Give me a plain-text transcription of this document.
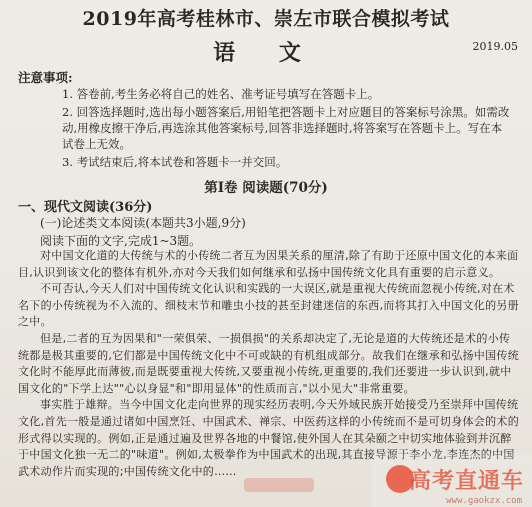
2019年高考桂林市、崇左市联合模拟考试
语 文	2019.05
注意事项:
1. 答卷前,考生务必将自己的姓名、准考证号填写在答题卡上。
2. 回答选择题时,选出每小题答案后,用铅笔把答题卡上对应题目的答案标号涂黑。如需改动,用橡皮擦干净后,再选涂其他答案标号,回答非选择题时,将答案写在答题卡上。写在本试卷上无效。
3. 考试结束后,将本试卷和答题卡一并交回。
第Ⅰ卷 阅读题(70分)
一、现代文阅读(36分)
(一)论述类文本阅读(本题共3小题,9分)
阅读下面的文字,完成1~3题。

对中国文化道的大传统与术的小传统二者互为因果关系的厘清,除了有助于还原中国文化的本来面目,认识到该文化的整体有机外,亦对今天我们如何继承和弘扬中国传统文化具有重要的启示意义。

不可否认,今天人们对中国传统文化认识和实践的一大误区,就是重视大传统而忽视小传统,对在术名下的小传统视为不入流的、细枝末节和雕虫小技的甚至封建迷信的东西,而将其打入中国文化的另册之中。

但是,二者的互为因果和"一荣俱荣、一损俱损"的关系却决定了,无论是道的大传统还是术的小传统都是极其重要的,它们都是中国传统文化中不可或缺的有机组成部分。故我们在继承和弘扬中国传统文化时不能厚此而薄彼,而是既要重视大传统,又要重视小传统,更重要的,我们还要进一步认识到,就中国文化的"下学上达""心以身显"和"即用显体"的性质而言,"以小见大"非常重要。

事实胜于雄辩。当今中国文化走向世界的现实经历表明,今天外域民族开始接受乃至崇拜中国传统文化,首先一般是通过诸如中国烹饪、中国武术、禅宗、中医药这样的小传统而不是可切身体会的术的形式得以实现的。例如,正是通过遍及世界各地的中餐馆,使外国人在其朵颐之中切实地体验到并沉醉于中国文化独一无二的"味道"。例如,太极拳作为中国武术的出现,其直接导源于李小龙,李连杰的中国武术动作片而实现的;中国传统文化中的……	高考直通车
www.gaokzx.com
